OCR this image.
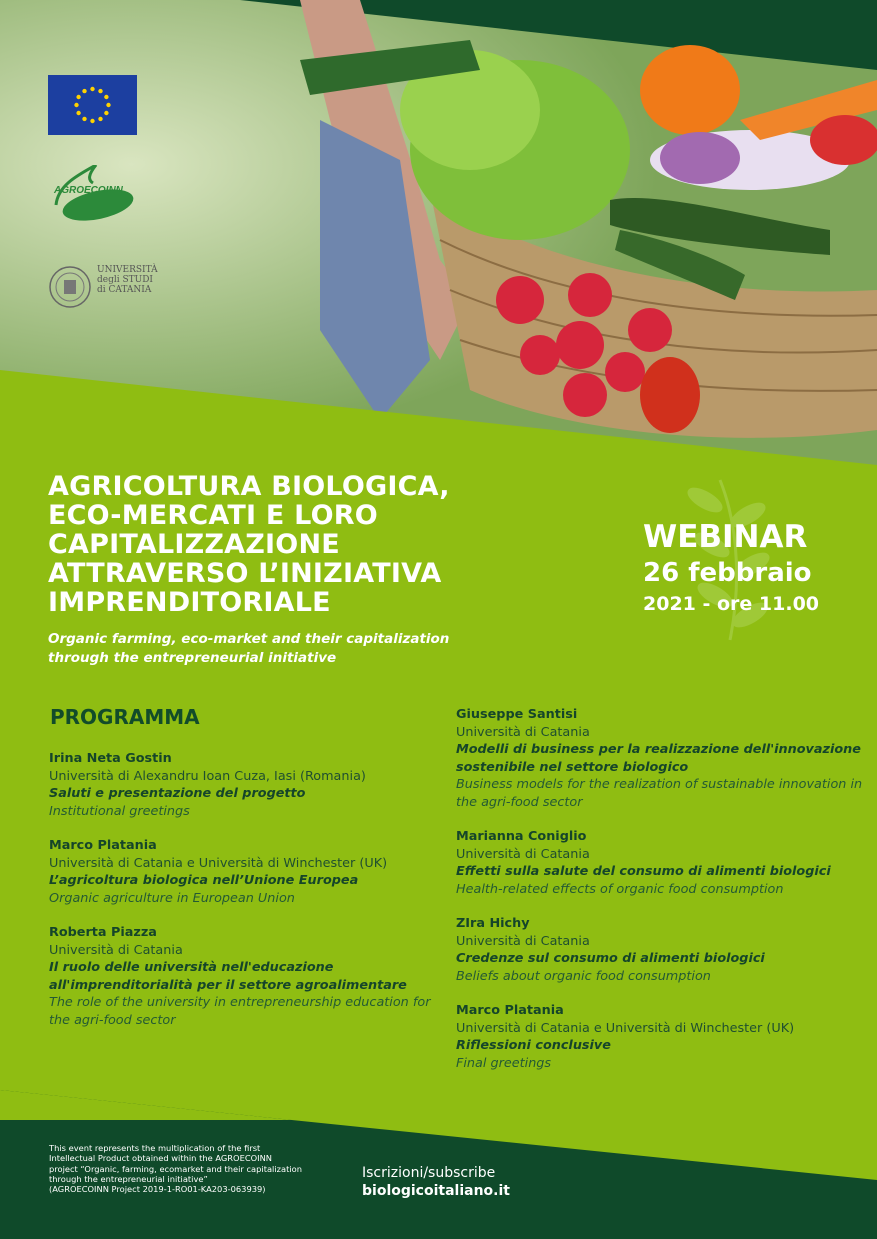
AGROECOINN
UNIVERSITÀ
degli STUDI
di CATANIA
AGRICOLTURA BIOLOGICA,
ECO-MERCATI E LORO
CAPITALIZZAZIONE
ATTRAVERSO L’INIZIATIVA
IMPRENDITORIALE
Organic farming, eco-market and their capitalization
through the entrepreneurial initiative
WEBINAR
26 febbraio
2021 - ore 11.00
PROGRAMMA
Irina Neta Gostin
Università di Alexandru Ioan Cuza, Iasi (Romania)
Saluti e presentazione del progetto
Institutional greetings
Marco Platania
Università di Catania e Università di Winchester (UK)
L’agricoltura biologica nell’Unione Europea
Organic agriculture in European Union
Roberta Piazza
Università di Catania
Il ruolo delle università nell'educazione all'imprenditorialità per il settore agroalimentare
The role of the university in entrepreneurship education for the agri-food sector
Giuseppe Santisi
Università di Catania
Modelli di business per la realizzazione dell'innovazione sostenibile nel settore biologico
Business models for the realization of sustainable innovation in the agri-food sector
Marianna Coniglio
Università di Catania
Effetti sulla salute del consumo di alimenti biologici
Health-related effects of organic food consumption
ZIra Hichy
Università di Catania
Credenze sul consumo di alimenti biologici
Beliefs about organic food consumption
Marco Platania
Università di Catania e Università di Winchester (UK)
Riflessioni conclusive
Final greetings
This event represents the multiplication of the first
Intellectual Product obtained within the AGROECOINN
project “Organic, farming, ecomarket and their capitalization
through the entrepreneurial initiative”
(AGROECOINN Project 2019-1-RO01-KA203-063939)
Iscrizioni/subscribe
biologicoitaliano.it
